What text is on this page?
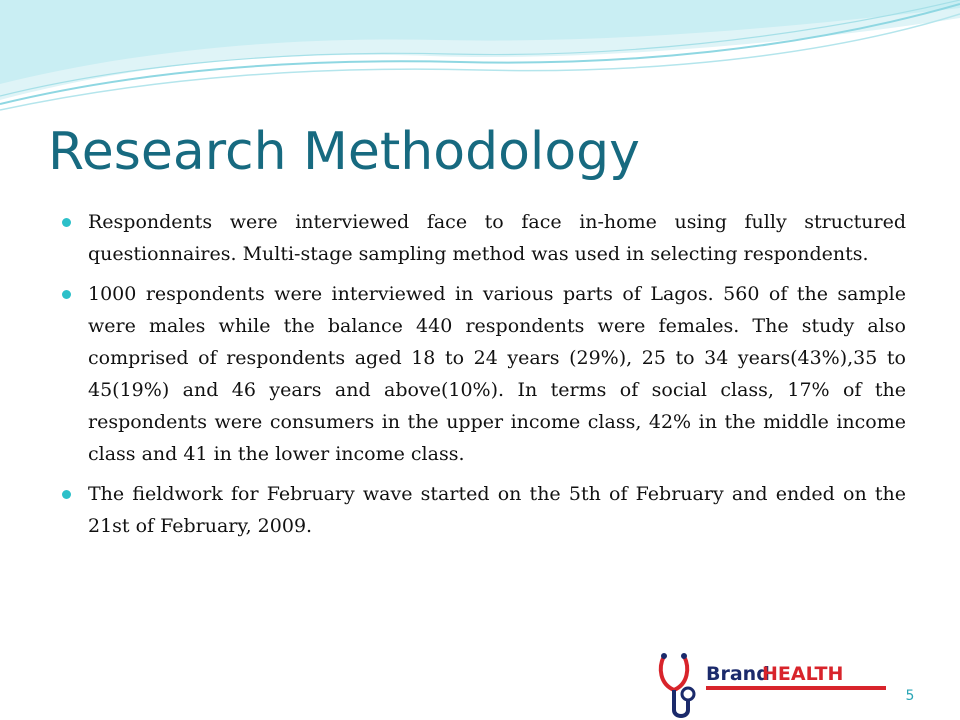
Research Methodology
Respondents were interviewed face to face in-home using fully structured questionnaires. Multi-stage sampling method was used in selecting respondents.
1000 respondents were interviewed in various parts of Lagos. 560 of the sample were males while the balance 440 respondents were females. The study also comprised of respondents aged 18 to 24 years (29%), 25 to 34 years(43%),35 to 45(19%) and 46 years and above(10%). In terms of social class, 17% of the respondents were consumers in the upper income class, 42% in the middle income class and 41 in the lower income class.
The fieldwork for February wave started on the 5th of February and ended on the 21st of February, 2009.
Brand
HEALTH
5
